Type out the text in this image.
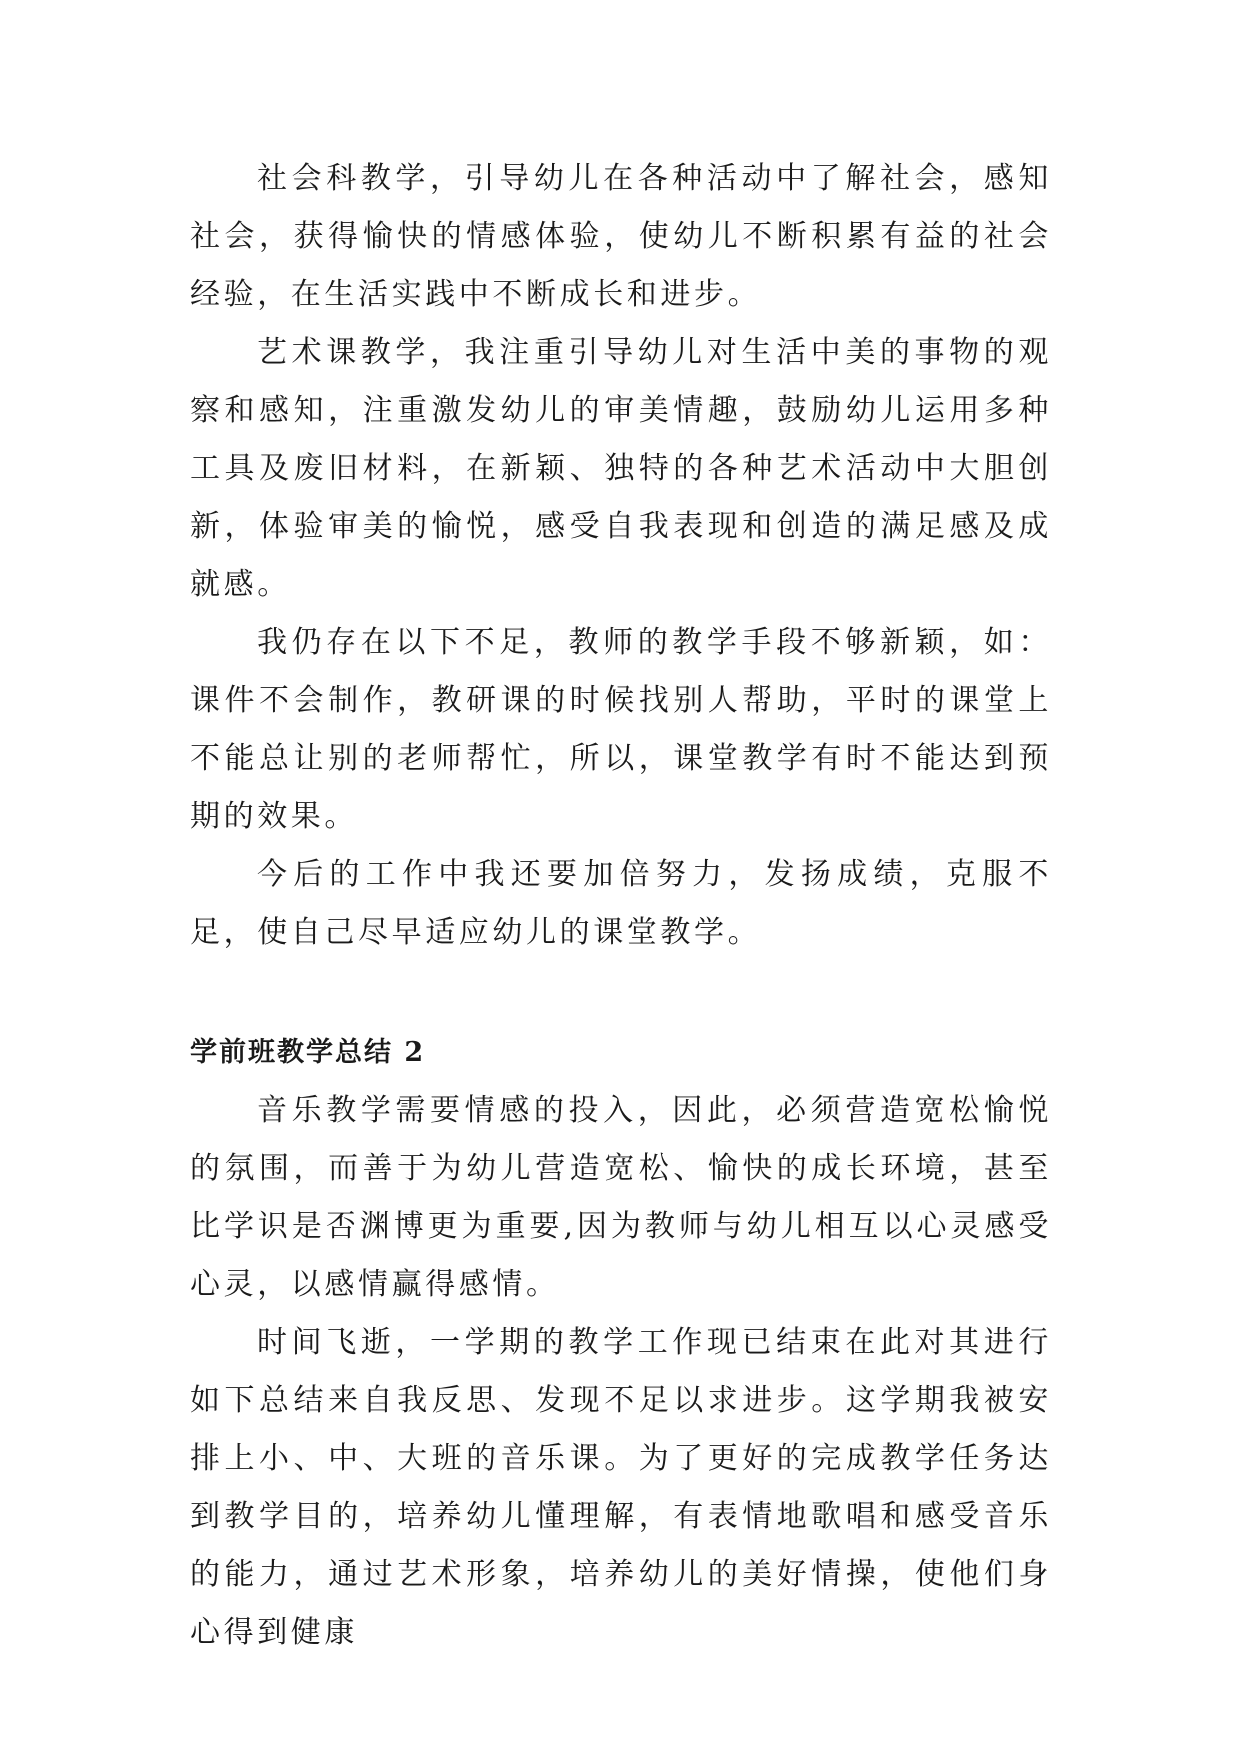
社会科教学，引导幼儿在各种活动中了解社会，感知社会，获得愉快的情感体验，使幼儿不断积累有益的社会经验，在生活实践中不断成长和进步。

艺术课教学，我注重引导幼儿对生活中美的事物的观察和感知，注重激发幼儿的审美情趣，鼓励幼儿运用多种工具及废旧材料，在新颖、独特的各种艺术活动中大胆创新，体验审美的愉悦，感受自我表现和创造的满足感及成就感。

我仍存在以下不足，教师的教学手段不够新颖，如：课件不会制作，教研课的时候找别人帮助，平时的课堂上不能总让别的老师帮忙，所以，课堂教学有时不能达到预期的效果。

今后的工作中我还要加倍努力，发扬成绩，克服不足，使自己尽早适应幼儿的课堂教学。

学前班教学总结 2

音乐教学需要情感的投入，因此，必须营造宽松愉悦的氛围，而善于为幼儿营造宽松、愉快的成长环境，甚至比学识是否渊博更为重要,因为教师与幼儿相互以心灵感受心灵，以感情赢得感情。

时间飞逝，一学期的教学工作现已结束在此对其进行如下总结来自我反思、发现不足以求进步。这学期我被安排上小、中、大班的音乐课。为了更好的完成教学任务达到教学目的，培养幼儿懂理解，有表情地歌唱和感受音乐的能力，通过艺术形象，培养幼儿的美好情操，使他们身心得到健康
